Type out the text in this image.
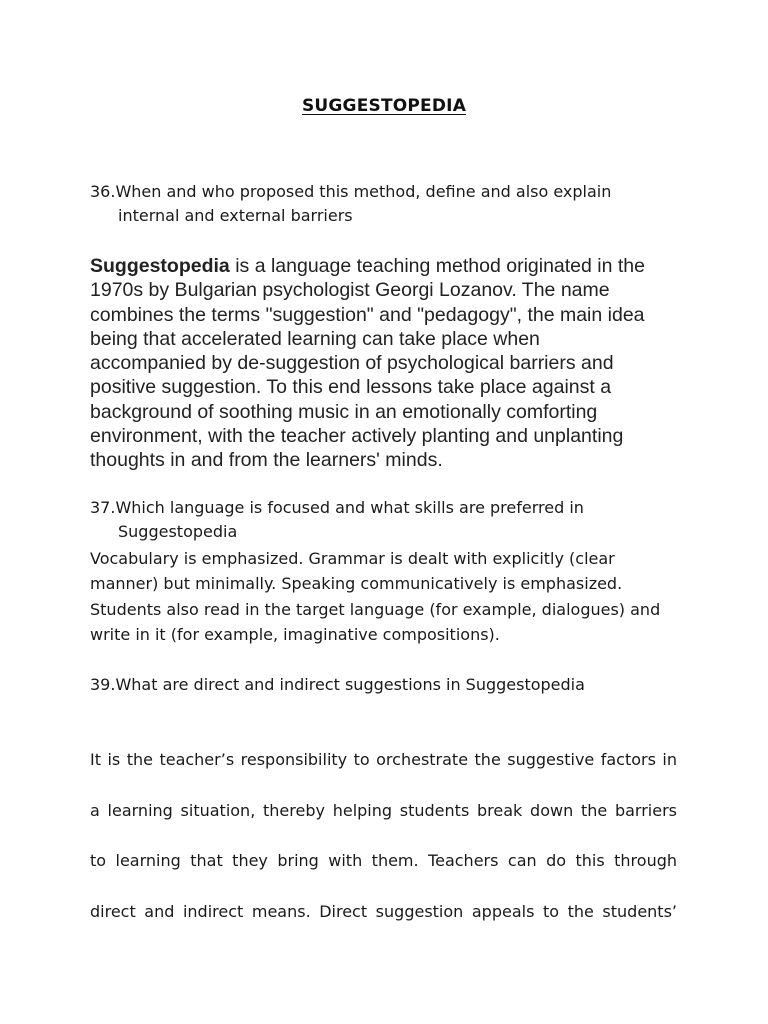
SUGGESTOPEDIA
36.When and who proposed this method, define and also explain
internal and external barriers
Suggestopedia is a language teaching method originated in the
1970s by Bulgarian psychologist Georgi Lozanov. The name
combines the terms "suggestion" and "pedagogy", the main idea
being that accelerated learning can take place when
accompanied by de-suggestion of psychological barriers and
positive suggestion. To this end lessons take place against a
background of soothing music in an emotionally comforting
environment, with the teacher actively planting and unplanting
thoughts in and from the learners' minds.
37.Which language is focused and what skills are preferred in
Suggestopedia
Vocabulary is emphasized. Grammar is dealt with explicitly (clear
manner) but minimally. Speaking communicatively is emphasized.
Students also read in the target language (for example, dialogues) and
write in it (for example, imaginative compositions).
39.What are direct and indirect suggestions in Suggestopedia
It is the teacher’s responsibility to orchestrate the suggestive factors in
a learning situation, thereby helping students break down the barriers
to learning that they bring with them. Teachers can do this through
direct and indirect means. Direct suggestion appeals to the students’
